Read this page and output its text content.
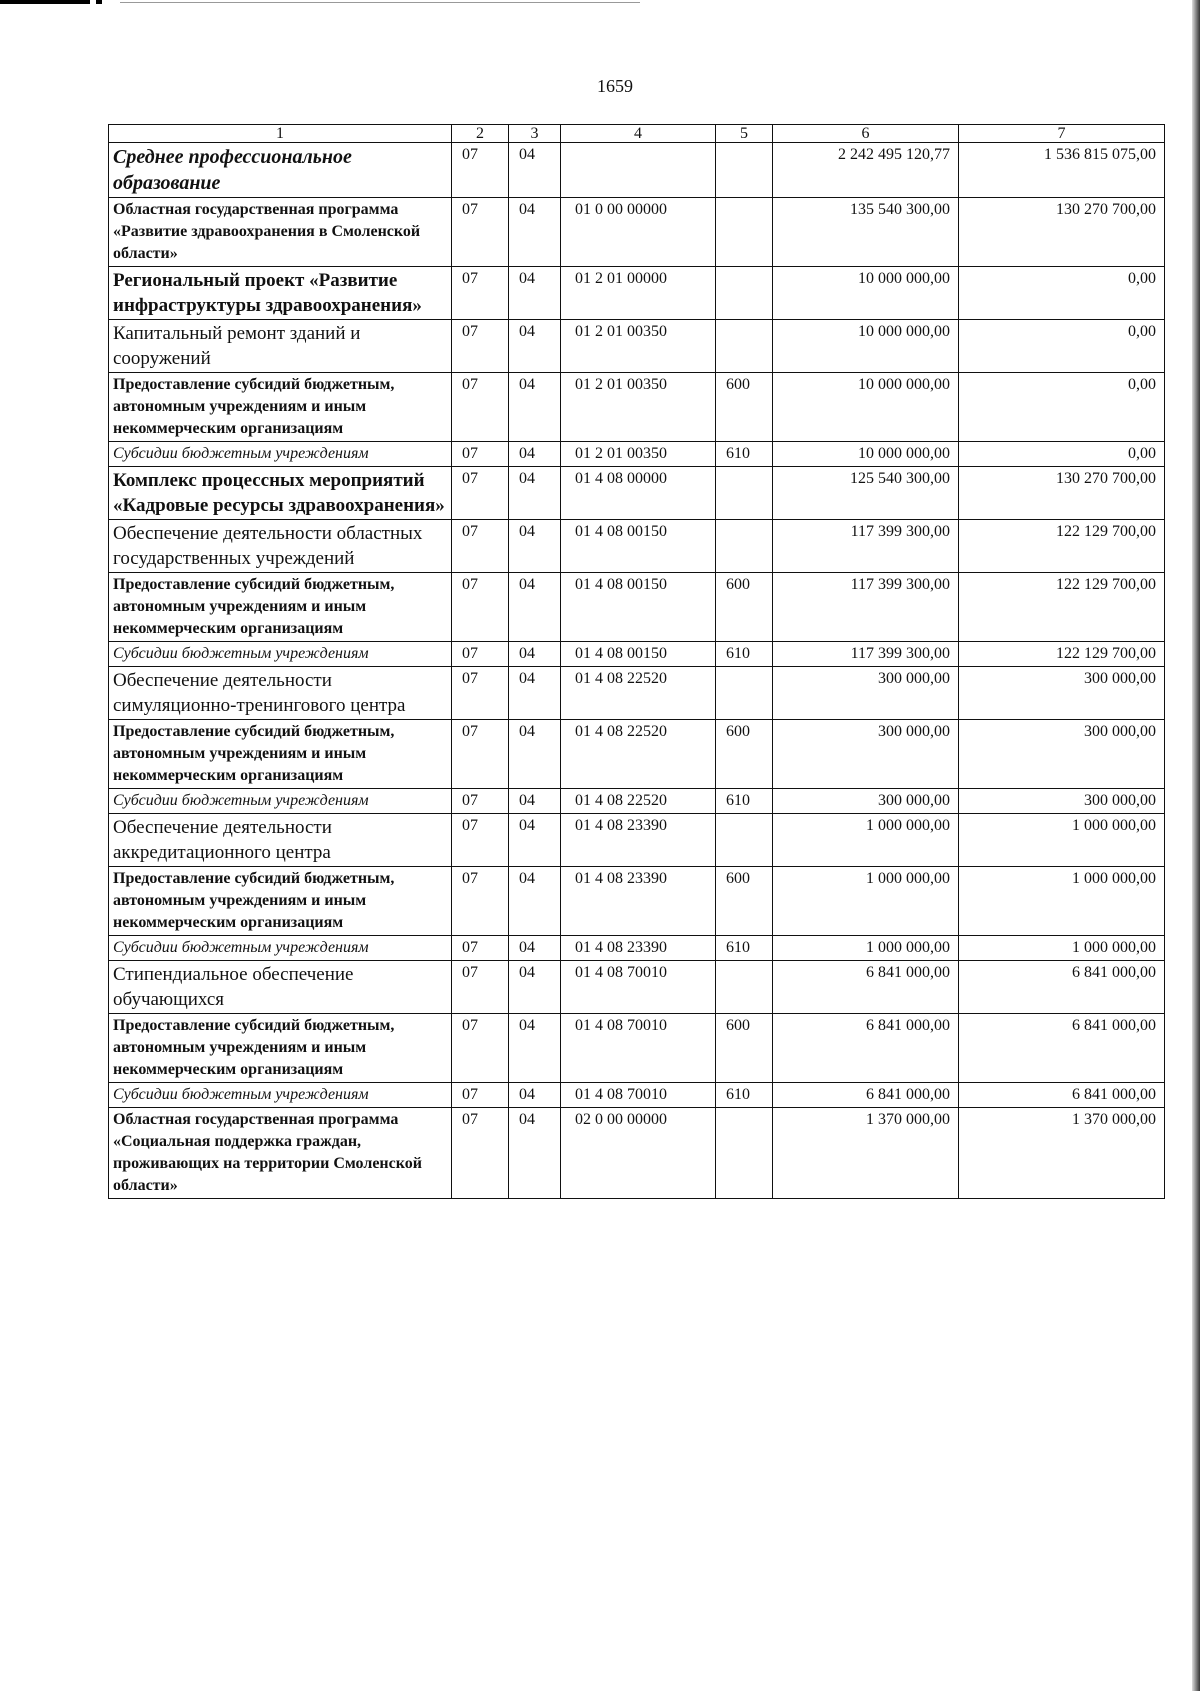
1659
1	2	3	4	5	6	7
Среднее профессиональное образование	07	04			2 242 495 120,77	1 536 815 075,00
Областная государственная программа «Развитие здравоохранения в Смоленской области»	07	04	01 0 00 00000		135 540 300,00	130 270 700,00
Региональный проект «Развитие инфраструктуры здравоохранения»	07	04	01 2 01 00000		10 000 000,00	0,00
Капитальный ремонт зданий и сооружений	07	04	01 2 01 00350		10 000 000,00	0,00
Предоставление субсидий бюджетным, автономным учреждениям и иным некоммерческим организациям	07	04	01 2 01 00350	600	10 000 000,00	0,00
Субсидии бюджетным учреждениям	07	04	01 2 01 00350	610	10 000 000,00	0,00
Комплекс процессных мероприятий «Кадровые ресурсы здравоохранения»	07	04	01 4 08 00000		125 540 300,00	130 270 700,00
Обеспечение деятельности областных государственных учреждений	07	04	01 4 08 00150		117 399 300,00	122 129 700,00
Предоставление субсидий бюджетным, автономным учреждениям и иным некоммерческим организациям	07	04	01 4 08 00150	600	117 399 300,00	122 129 700,00
Субсидии бюджетным учреждениям	07	04	01 4 08 00150	610	117 399 300,00	122 129 700,00
Обеспечение деятельности симуляционно-тренингового центра	07	04	01 4 08 22520		300 000,00	300 000,00
Предоставление субсидий бюджетным, автономным учреждениям и иным некоммерческим организациям	07	04	01 4 08 22520	600	300 000,00	300 000,00
Субсидии бюджетным учреждениям	07	04	01 4 08 22520	610	300 000,00	300 000,00
Обеспечение деятельности аккредитационного центра	07	04	01 4 08 23390		1 000 000,00	1 000 000,00
Предоставление субсидий бюджетным, автономным учреждениям и иным некоммерческим организациям	07	04	01 4 08 23390	600	1 000 000,00	1 000 000,00
Субсидии бюджетным учреждениям	07	04	01 4 08 23390	610	1 000 000,00	1 000 000,00
Стипендиальное обеспечение обучающихся	07	04	01 4 08 70010		6 841 000,00	6 841 000,00
Предоставление субсидий бюджетным, автономным учреждениям и иным некоммерческим организациям	07	04	01 4 08 70010	600	6 841 000,00	6 841 000,00
Субсидии бюджетным учреждениям	07	04	01 4 08 70010	610	6 841 000,00	6 841 000,00
Областная государственная программа «Социальная поддержка граждан, проживающих на территории Смоленской области»	07	04	02 0 00 00000		1 370 000,00	1 370 000,00
